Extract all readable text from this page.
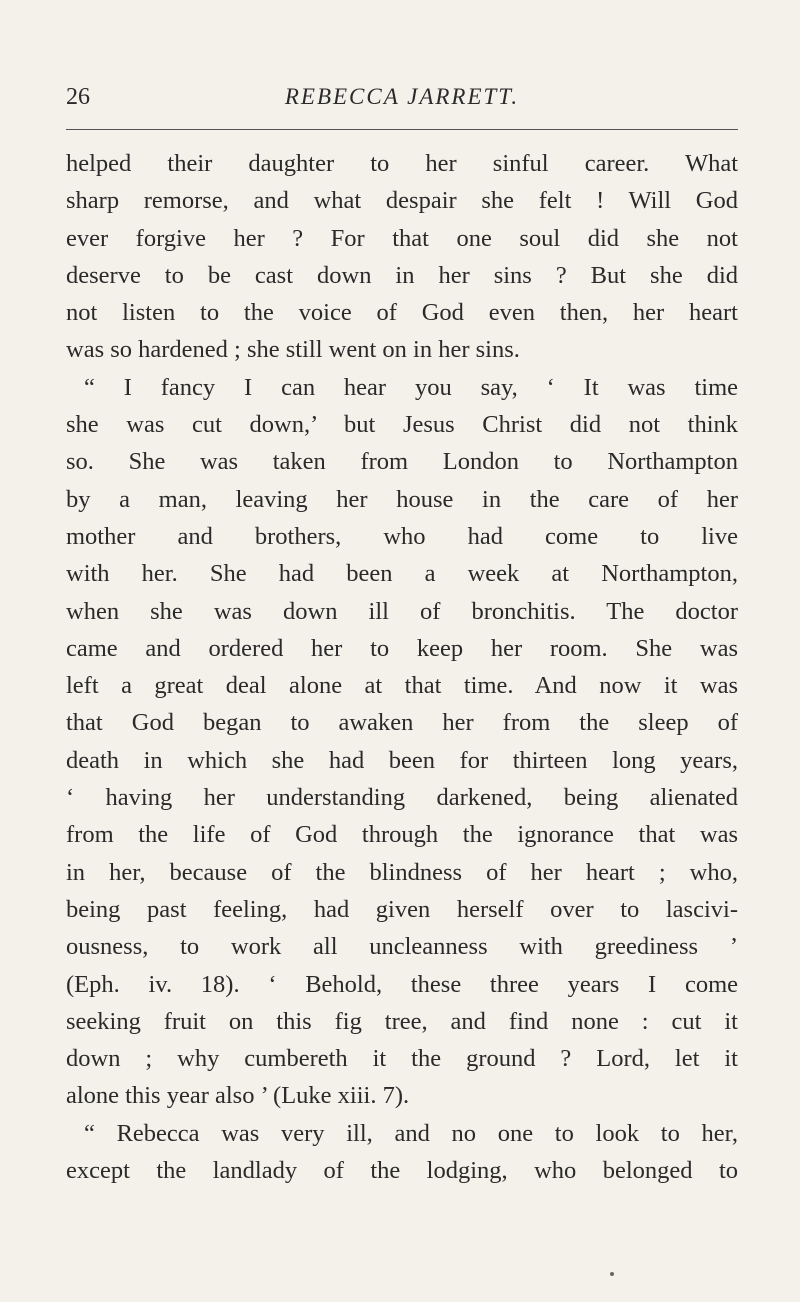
26	REBECCA JARRETT.
helped their daughter to her sinful career. What
sharp remorse, and what despair she felt ! Will God
ever forgive her ? For that one soul did she not
deserve to be cast down in her sins ? But she did
not listen to the voice of God even then, her heart
was so hardened ; she still went on in her sins.
“ I fancy I can hear you say, ‘ It was time
she was cut down,’ but Jesus Christ did not think
so. She was taken from London to Northampton
by a man, leaving her house in the care of her
mother and brothers, who had come to live
with her. She had been a week at Northampton,
when she was down ill of bronchitis. The doctor
came and ordered her to keep her room. She was
left a great deal alone at that time. And now it was
that God began to awaken her from the sleep of
death in which she had been for thirteen long years,
‘ having her understanding darkened, being alienated
from the life of God through the ignorance that was
in her, because of the blindness of her heart ; who,
being past feeling, had given herself over to lascivi-
ousness, to work all uncleanness with greediness ’
(Eph. iv. 18). ‘ Behold, these three years I come
seeking fruit on this fig tree, and find none : cut it
down ; why cumbereth it the ground ? Lord, let it
alone this year also ’ (Luke xiii. 7).
“ Rebecca was very ill, and no one to look to her,
except the landlady of the lodging, who belonged to
